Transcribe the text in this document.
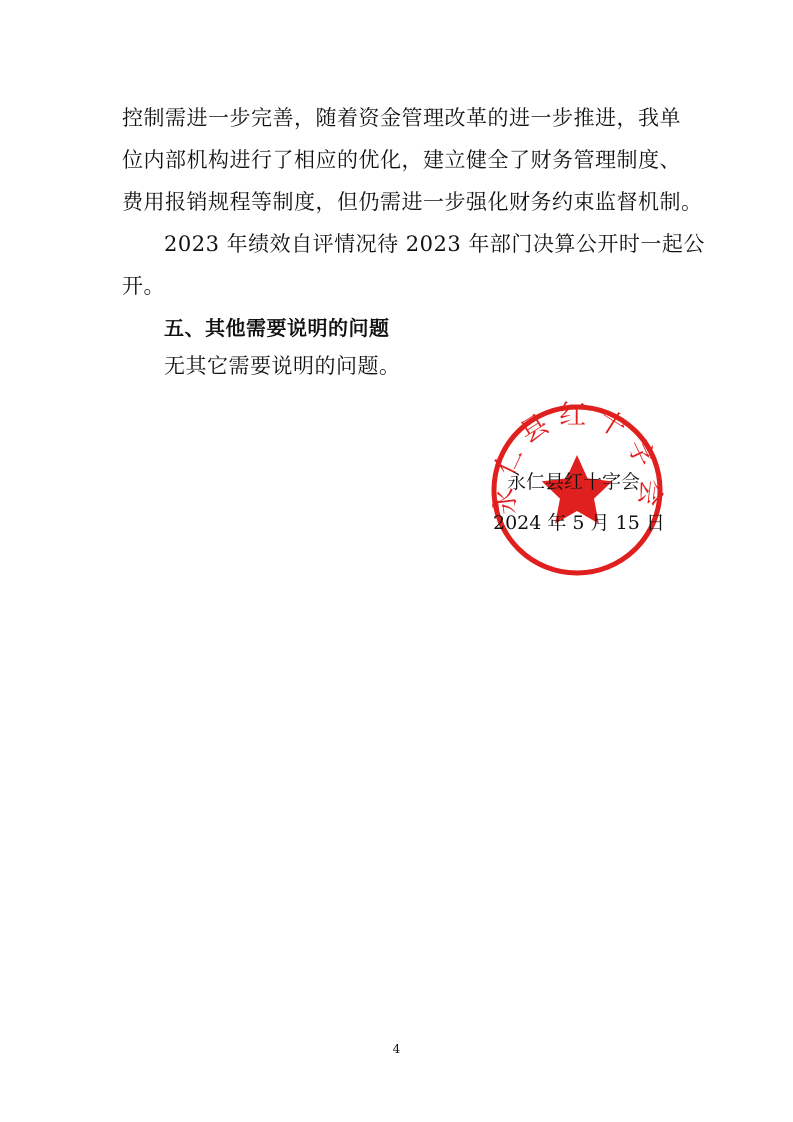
控制需进一步完善，随着资金管理改革的进一步推进，我单
位内部机构进行了相应的优化，建立健全了财务管理制度、
费用报销规程等制度，但仍需进一步强化财务约束监督机制。
2023 年绩效自评情况待 2023 年部门决算公开时一起公
开。
五、其他需要说明的问题
无其它需要说明的问题。
永仁县红十字会
永仁县红十字会
2024 年 5 月 15 日
4
